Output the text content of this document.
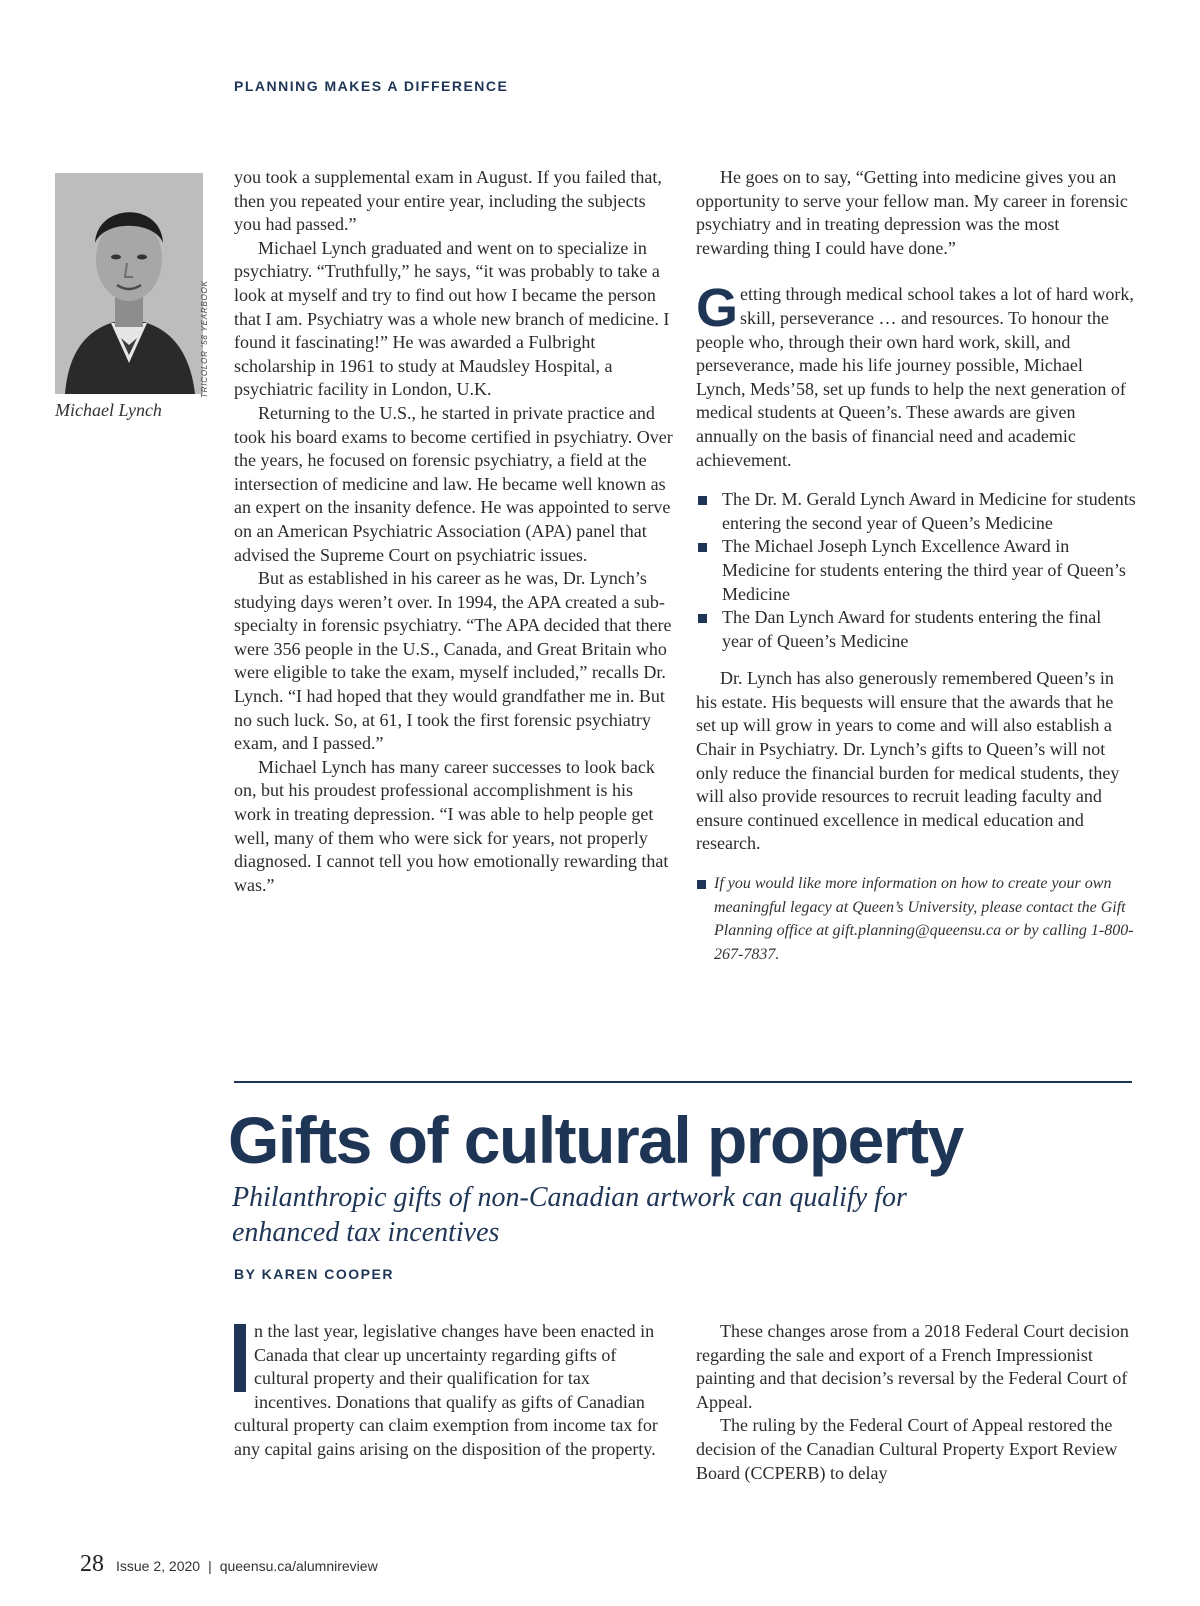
PLANNING MAKES A DIFFERENCE
TRICOLOR '58 YEARBOOK
Michael Lynch

you took a supplemental exam in August. If you failed that, then you repeated your entire year, including the subjects you had passed.”

Michael Lynch graduated and went on to specialize in psychiatry. “Truthfully,” he says, “it was probably to take a look at myself and try to find out how I became the person that I am. Psychiatry was a whole new branch of medicine. I found it fascinating!” He was awarded a Fulbright scholarship in 1961 to study at Maudsley Hospital, a psychiatric facility in London, U.K.

Returning to the U.S., he started in private practice and took his board exams to become certified in psychiatry. Over the years, he focused on forensic psychiatry, a field at the intersection of medicine and law. He became well known as an expert on the insanity defence. He was appointed to serve on an American Psychiatric Association (APA) panel that advised the Supreme Court on psychiatric issues.

But as established in his career as he was, Dr. Lynch’s studying days weren’t over. In 1994, the APA created a sub-specialty in forensic psychiatry. “The APA decided that there were 356 people in the U.S., Canada, and Great Britain who were eligible to take the exam, myself included,” recalls Dr. Lynch. “I had hoped that they would grandfather me in. But no such luck. So, at 61, I took the first forensic psychiatry exam, and I passed.”

Michael Lynch has many career successes to look back on, but his proudest professional accomplishment is his work in treating depression. “I was able to help people get well, many of them who were sick for years, not properly diagnosed. I cannot tell you how emotionally rewarding that was.”

He goes on to say, “Getting into medicine gives you an opportunity to serve your fellow man. My career in forensic psychiatry and in treating depression was the most rewarding thing I could have done.”

Getting through medical school takes a lot of hard work, skill, perseverance … and resources. To honour the people who, through their own hard work, skill, and perseverance, made his life journey possible, Michael Lynch, Meds’58, set up funds to help the next generation of medical students at Queen’s. These awards are given annually on the basis of financial need and academic achievement.

The Dr. M. Gerald Lynch Award in Medicine for students entering the second year of Queen’s Medicine
The Michael Joseph Lynch Excellence Award in Medicine for students entering the third year of Queen’s Medicine
The Dan Lynch Award for students entering the final year of Queen’s Medicine

Dr. Lynch has also generously remembered Queen’s in his estate. His bequests will ensure that the awards that he set up will grow in years to come and will also establish a Chair in Psychiatry. Dr. Lynch’s gifts to Queen’s will not only reduce the financial burden for medical students, they will also provide resources to recruit leading faculty and ensure continued excellence in medical education and research.

If you would like more information on how to create your own meaningful legacy at Queen’s University, please contact the Gift Planning office at gift.planning@queensu.ca or by calling 1-800-267-7837.
Gifts of cultural property
Philanthropic gifts of non-Canadian artwork can qualify for enhanced tax incentives
BY KAREN COOPER

n the last year, legislative changes have been enacted in Canada that clear up uncertainty regarding gifts of cultural property and their qualification for tax incentives. Donations that qualify as gifts of Canadian cultural property can claim exemption from income tax for any capital gains arising on the disposition of the property.

These changes arose from a 2018 Federal Court decision regarding the sale and export of a French Impressionist painting and that decision’s reversal by the Federal Court of Appeal.

The ruling by the Federal Court of Appeal restored the decision of the Canadian Cultural Property Export Review Board (CCPERB) to delay

28 Issue 2, 2020 | queensu.ca/alumnireview
